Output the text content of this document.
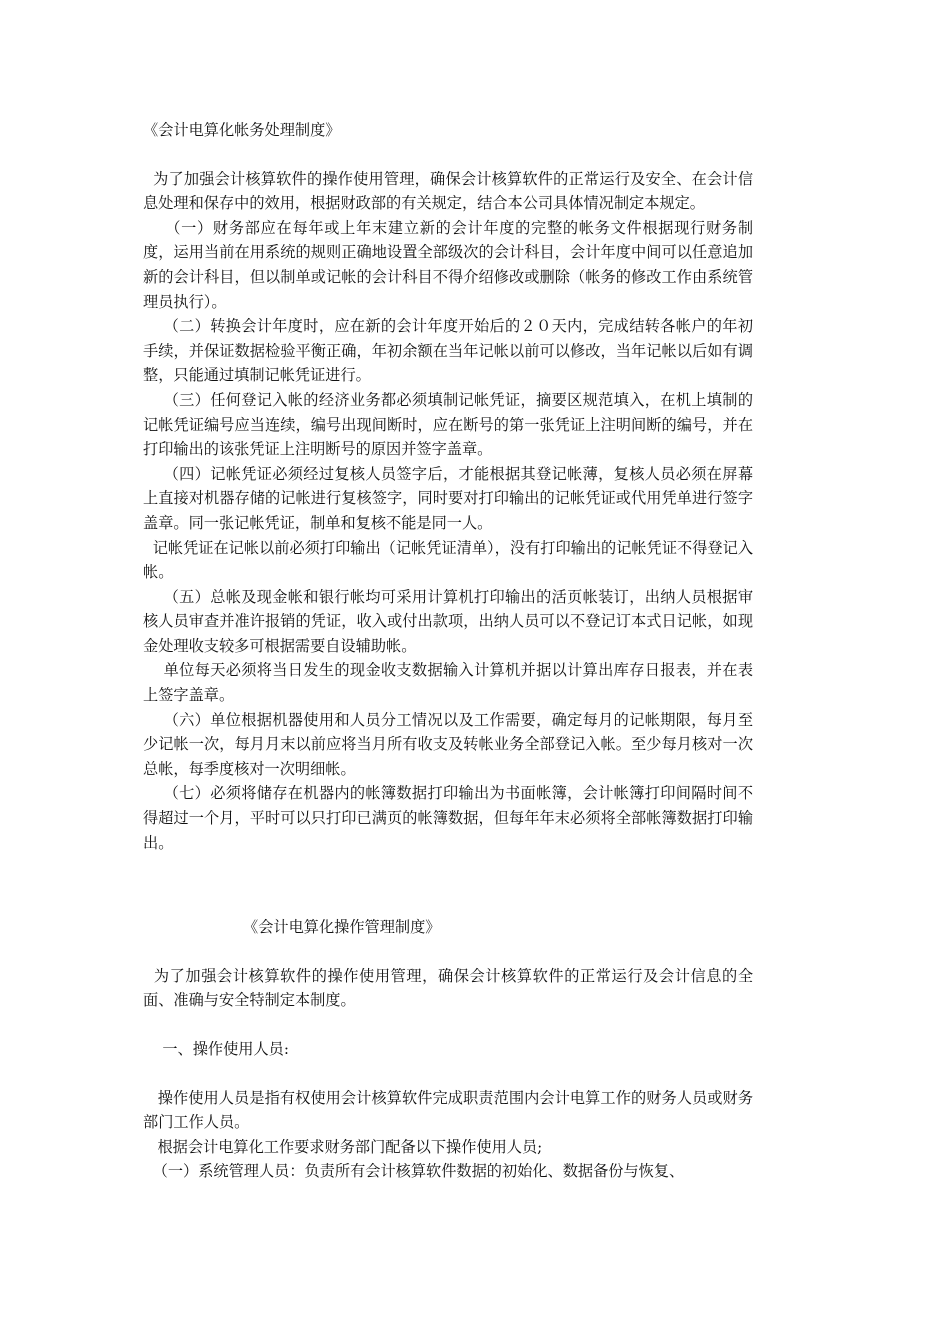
《会计电算化帐务处理制度》

为了加强会计核算软件的操作使用管理，确保会计核算软件的正常运行及安全、在会计信息处理和保存中的效用，根据财政部的有关规定，结合本公司具体情况制定本规定。

（一）财务部应在每年或上年末建立新的会计年度的完整的帐务文件根据现行财务制度，运用当前在用系统的规则正确地设置全部级次的会计科目，会计年度中间可以任意追加新的会计科目，但以制单或记帐的会计科目不得介绍修改或删除（帐务的修改工作由系统管理员执行）。

（二）转换会计年度时，应在新的会计年度开始后的２０天内，完成结转各帐户的年初手续，并保证数据检验平衡正确，年初余额在当年记帐以前可以修改，当年记帐以后如有调整，只能通过填制记帐凭证进行。

（三）任何登记入帐的经济业务都必须填制记帐凭证，摘要区规范填入，在机上填制的记帐凭证编号应当连续，编号出现间断时，应在断号的第一张凭证上注明间断的编号，并在打印输出的该张凭证上注明断号的原因并签字盖章。

（四）记帐凭证必须经过复核人员签字后，才能根据其登记帐薄，复核人员必须在屏幕上直接对机器存储的记帐进行复核签字，同时要对打印输出的记帐凭证或代用凭单进行签字盖章。同一张记帐凭证，制单和复核不能是同一人。

记帐凭证在记帐以前必须打印输出（记帐凭证清单），没有打印输出的记帐凭证不得登记入帐。

（五）总帐及现金帐和银行帐均可采用计算机打印输出的活页帐装订，出纳人员根据审核人员审查并准许报销的凭证，收入或付出款项，出纳人员可以不登记订本式日记帐，如现金处理收支较多可根据需要自设辅助帐。

单位每天必须将当日发生的现金收支数据输入计算机并据以计算出库存日报表，并在表上签字盖章。

（六）单位根据机器使用和人员分工情况以及工作需要，确定每月的记帐期限，每月至少记帐一次，每月月末以前应将当月所有收支及转帐业务全部登记入帐。至少每月核对一次总帐，每季度核对一次明细帐。

（七）必须将储存在机器内的帐簿数据打印输出为书面帐簿，会计帐簿打印间隔时间不得超过一个月，平时可以只打印已满页的帐簿数据，但每年年末必须将全部帐簿数据打印输出。

《会计电算化操作管理制度》

为了加强会计核算软件的操作使用管理，确保会计核算软件的正常运行及会计信息的全面、准确与安全特制定本制度。

一、操作使用人员:

操作使用人员是指有权使用会计核算软件完成职责范围内会计电算工作的财务人员或财务部门工作人员。

根据会计电算化工作要求财务部门配备以下操作使用人员;

（一）系统管理人员：负责所有会计核算软件数据的初始化、数据备份与恢复、
